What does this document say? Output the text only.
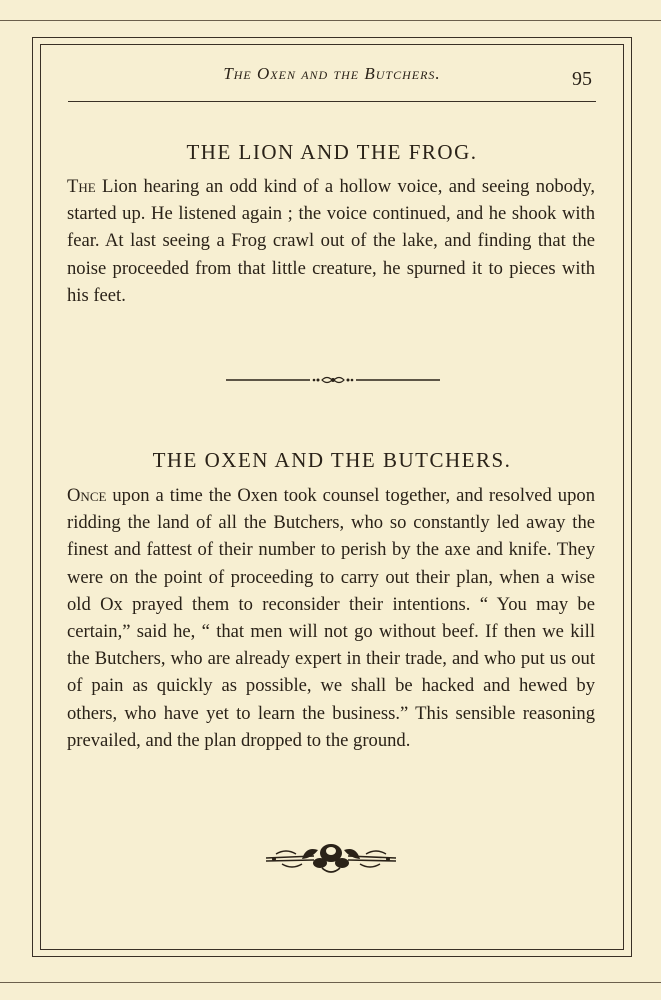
The Oxen and the Butchers.	95
THE LION AND THE FROG.

The Lion hearing an odd kind of a hollow voice, and seeing nobody, started up. He listened again ; the voice continued, and he shook with fear. At last seeing a Frog crawl out of the lake, and finding that the noise proceeded from that little creature, he spurned it to pieces with his feet.

THE OXEN AND THE BUTCHERS.

Once upon a time the Oxen took counsel together, and resolved upon ridding the land of all the Butchers, who so constantly led away the finest and fattest of their number to perish by the axe and knife. They were on the point of proceeding to carry out their plan, when a wise old Ox prayed them to reconsider their intentions. “ You may be certain,” said he, “ that men will not go without beef. If then we kill the Butchers, who are already expert in their trade, and who put us out of pain as quickly as possible, we shall be hacked and hewed by others, who have yet to learn the business.” This sensible reasoning prevailed, and the plan dropped to the ground.
